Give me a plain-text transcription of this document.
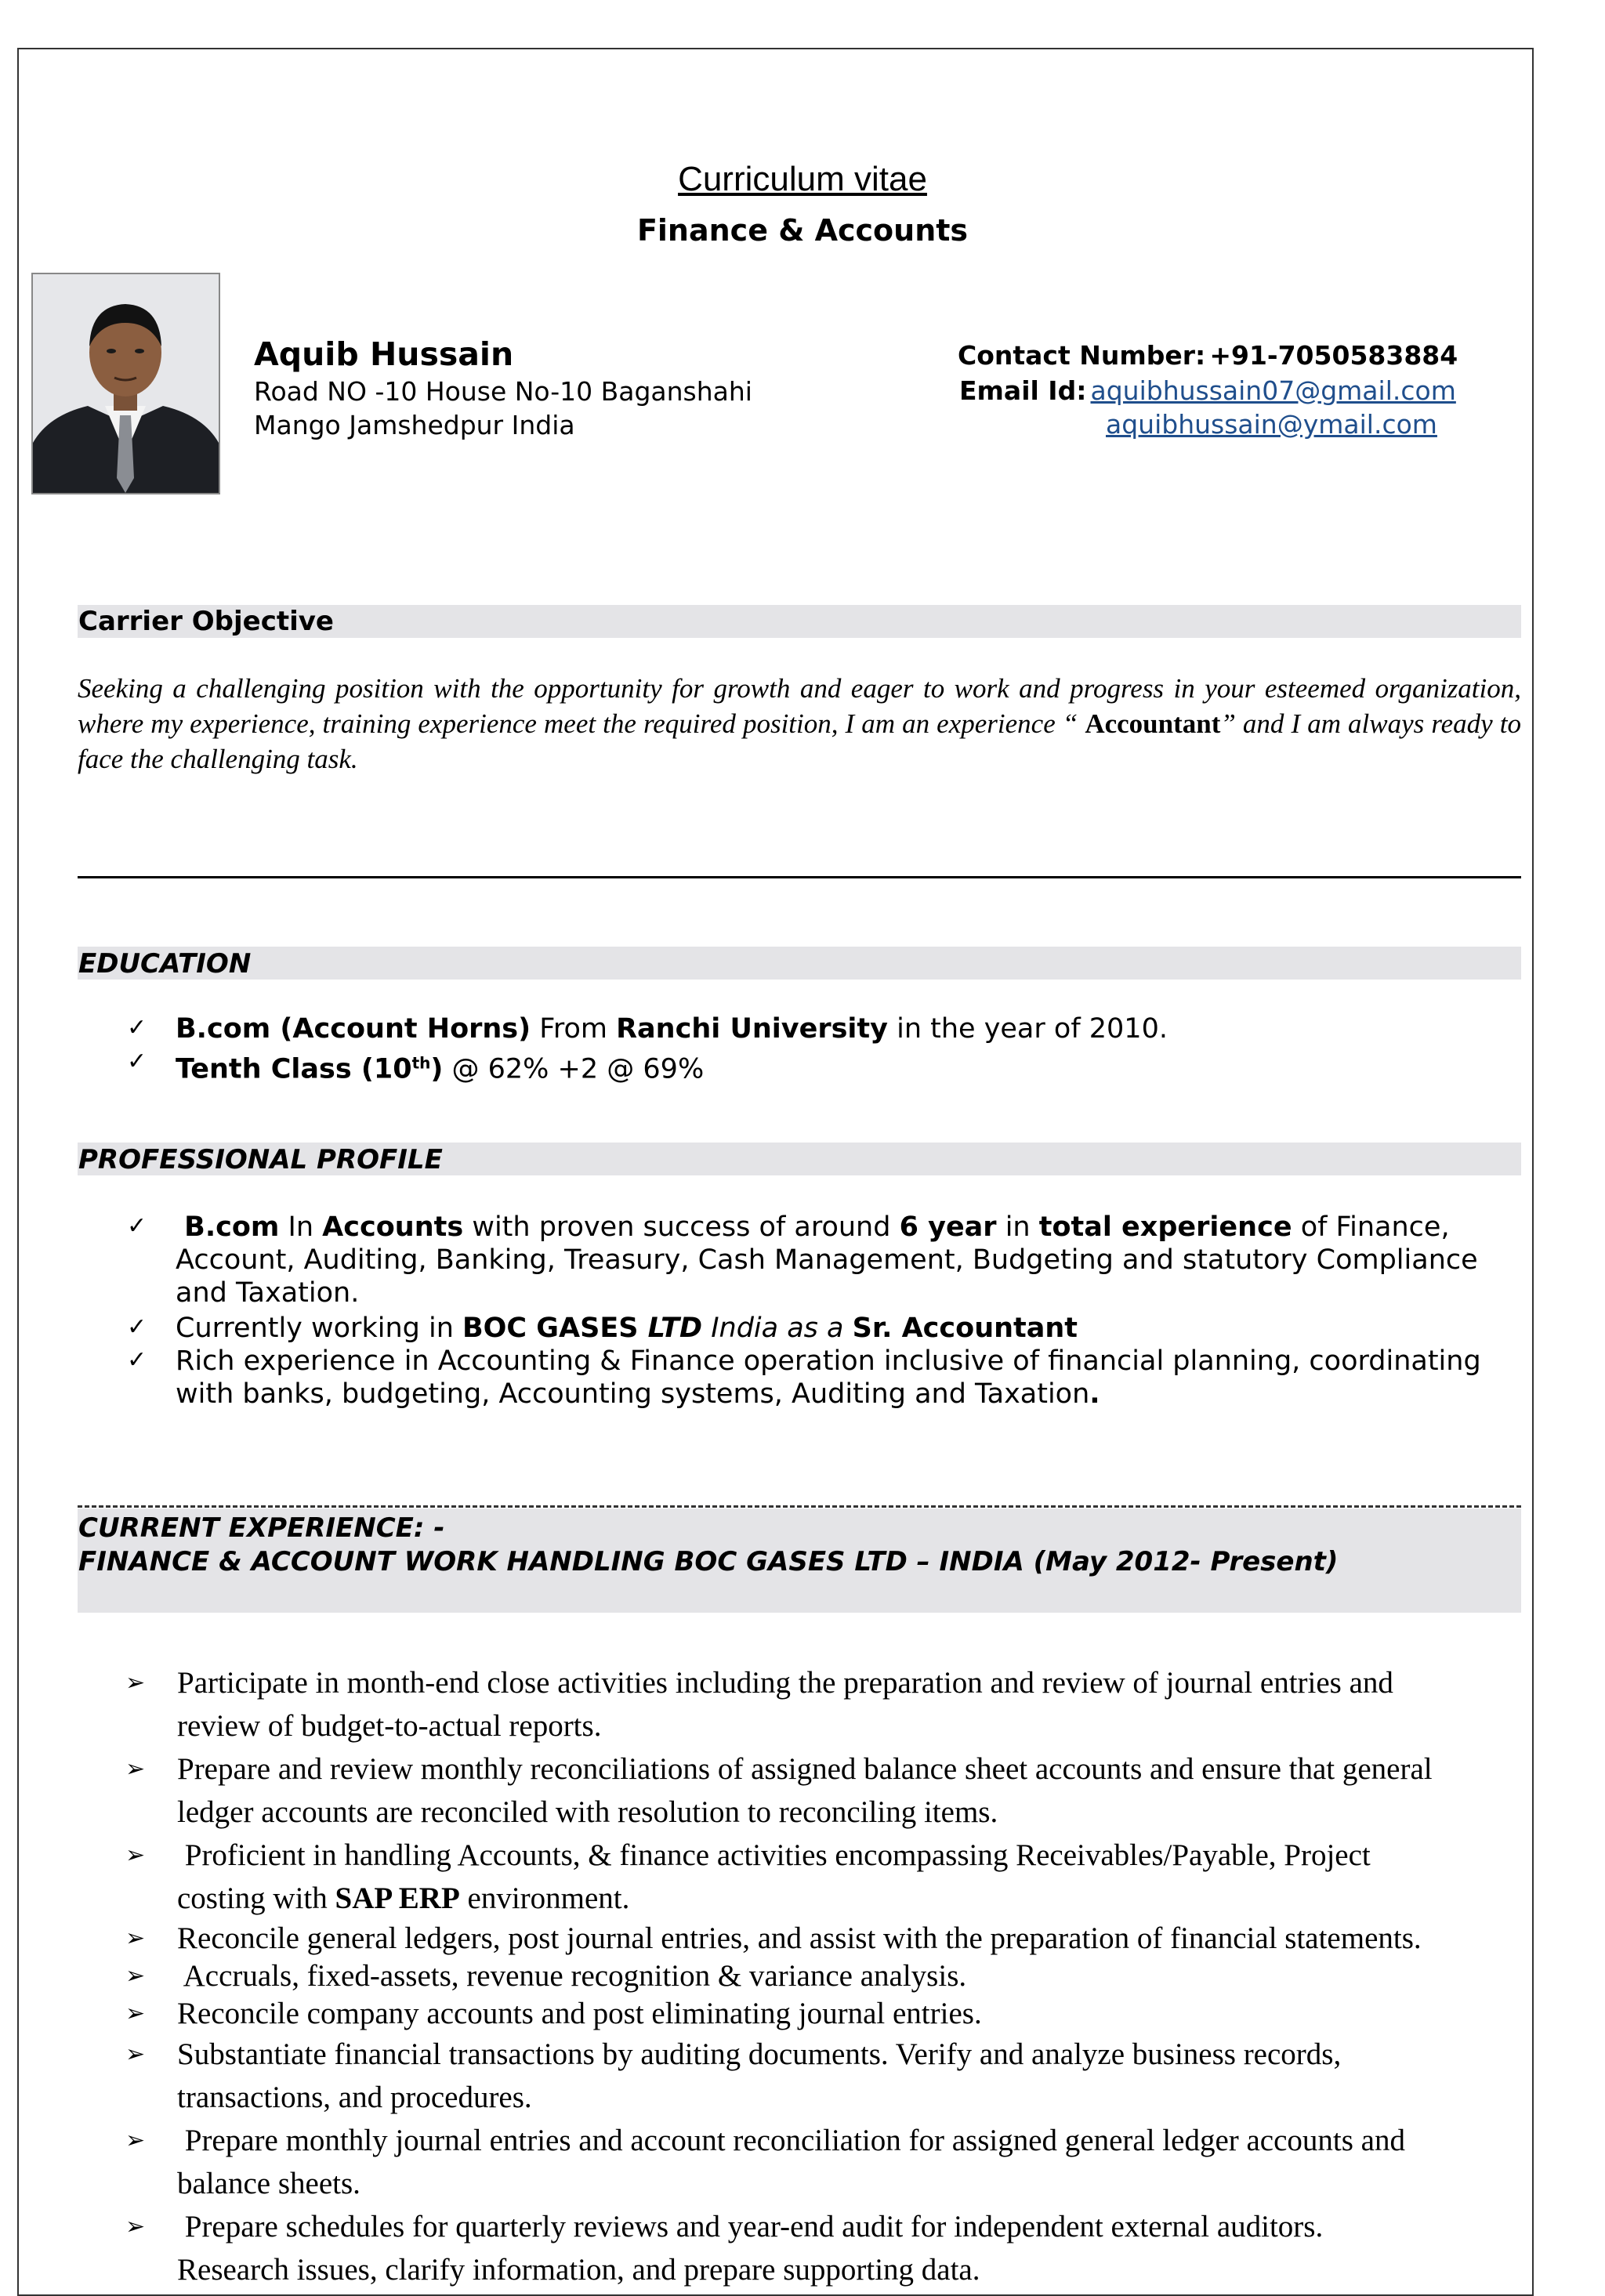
Curriculum vitae
Finance & Accounts
Aquib Hussain
Road NO -10 House No-10 Baganshahi
Mango Jamshedpur India
Contact Number: +91-7050583884
Email Id: aquibhussain07@gmail.com
aquibhussain@ymail.com
Carrier Objective
Seeking a challenging position with the opportunity for growth and eager to work and progress in your esteemed organization, where my experience, training experience meet the required position, I am an experience “ Accountant” and I am always ready to face the challenging task.
EDUCATION
✓	B.com (Account Horns) From Ranchi University in the year of 2010.
✓	Tenth Class (10th) @ 62% +2 @ 69%
PROFESSIONAL PROFILE
✓	B.com In Accounts with proven success of around 6 year in total experience of Finance,
Account, Auditing, Banking, Treasury, Cash Management, Budgeting and statutory Compliance
and Taxation.
✓	Currently working in BOC GASES LTD India as a Sr. Accountant
✓	Rich experience in Accounting & Finance operation inclusive of financial planning, coordinating
with banks, budgeting, Accounting systems, Auditing and Taxation.
CURRENT EXPERIENCE: -
FINANCE & ACCOUNT WORK HANDLING BOC GASES LTD – INDIA (May 2012- Present)
➢ Participate in month-end close activities including the preparation and review of journal entries and
review of budget-to-actual reports.
➢ Prepare and review monthly reconciliations of assigned balance sheet accounts and ensure that general
ledger accounts are reconciled with resolution to reconciling items.
➢ Proficient in handling Accounts, & finance activities encompassing Receivables/Payable, Project
costing with SAP ERP environment.
➢ Reconcile general ledgers, post journal entries, and assist with the preparation of financial statements.
➢ Accruals, fixed-assets, revenue recognition & variance analysis.
➢ Reconcile company accounts and post eliminating journal entries.
➢ Substantiate financial transactions by auditing documents. Verify and analyze business records,
transactions, and procedures.
➢ Prepare monthly journal entries and account reconciliation for assigned general ledger accounts and
balance sheets.
➢ Prepare schedules for quarterly reviews and year-end audit for independent external auditors.
Research issues, clarify information, and prepare supporting data.
